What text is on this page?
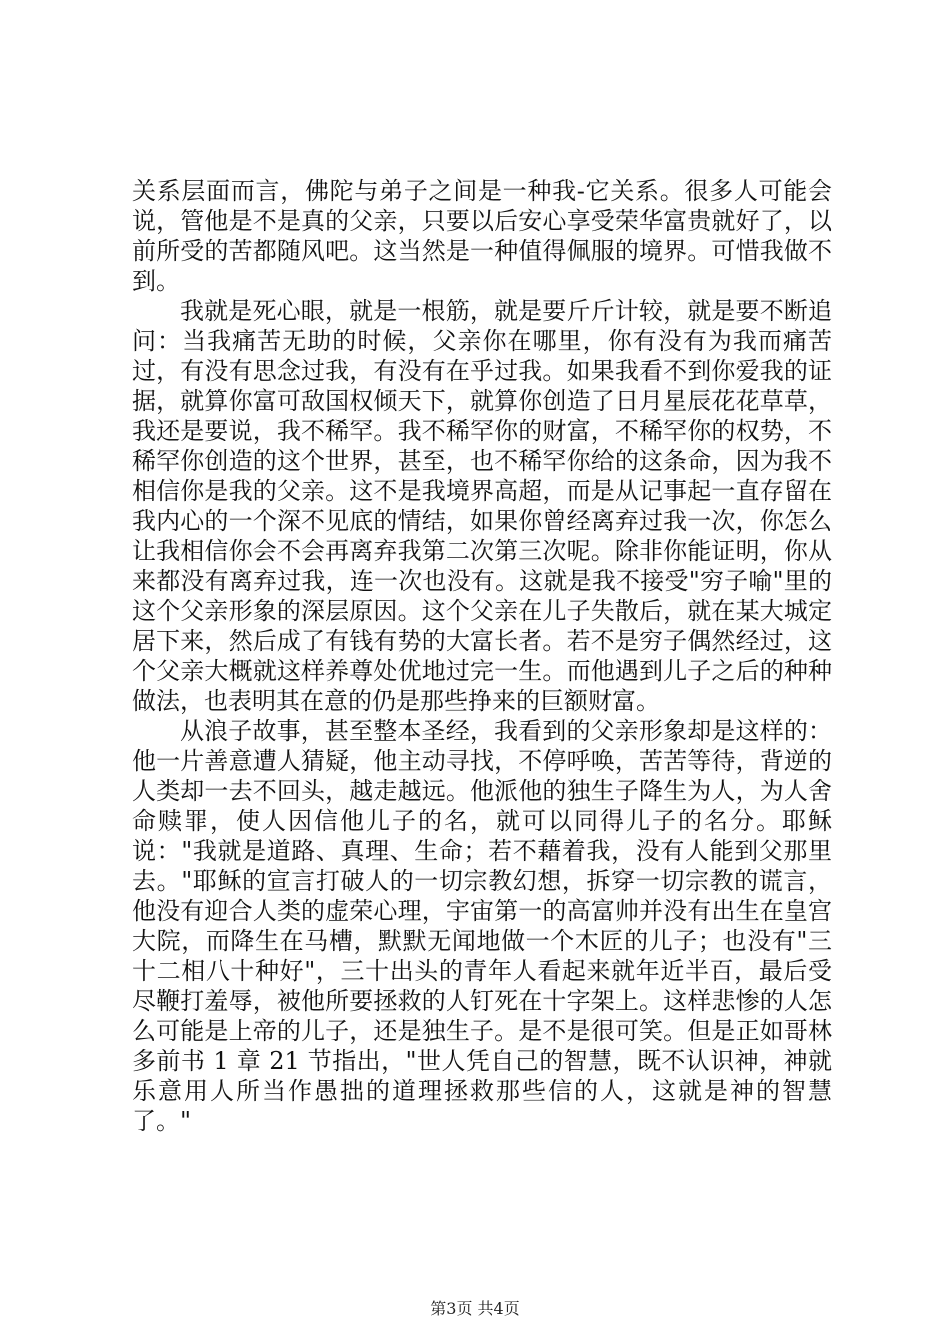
关系层面而言，佛陀与弟子之间是一种我-它关系。很多人可能会说，管他是不是真的父亲，只要以后安心享受荣华富贵就好了，以前所受的苦都随风吧。这当然是一种值得佩服的境界。可惜我做不到。

我就是死心眼，就是一根筋，就是要斤斤计较，就是要不断追问：当我痛苦无助的时候，父亲你在哪里，你有没有为我而痛苦过，有没有思念过我，有没有在乎过我。如果我看不到你爱我的证据，就算你富可敌国权倾天下，就算你创造了日月星辰花花草草，我还是要说，我不稀罕。我不稀罕你的财富，不稀罕你的权势，不稀罕你创造的这个世界，甚至，也不稀罕你给的这条命，因为我不相信你是我的父亲。这不是我境界高超，而是从记事起一直存留在我内心的一个深不见底的情结，如果你曾经离弃过我一次，你怎么让我相信你会不会再离弃我第二次第三次呢。除非你能证明，你从来都没有离弃过我，连一次也没有。这就是我不接受"穷子喻"里的这个父亲形象的深层原因。这个父亲在儿子失散后，就在某大城定居下来，然后成了有钱有势的大富长者。若不是穷子偶然经过，这个父亲大概就这样养尊处优地过完一生。而他遇到儿子之后的种种做法，也表明其在意的仍是那些挣来的巨额财富。

从浪子故事，甚至整本圣经，我看到的父亲形象却是这样的：他一片善意遭人猜疑，他主动寻找，不停呼唤，苦苦等待，背逆的人类却一去不回头，越走越远。他派他的独生子降生为人，为人舍命赎罪，使人因信他儿子的名，就可以同得儿子的名分。耶稣说："我就是道路、真理、生命；若不藉着我，没有人能到父那里去。"耶稣的宣言打破人的一切宗教幻想，拆穿一切宗教的谎言，他没有迎合人类的虚荣心理，宇宙第一的高富帅并没有出生在皇宫大院，而降生在马槽，默默无闻地做一个木匠的儿子；也没有"三十二相八十种好"，三十出头的青年人看起来就年近半百，最后受尽鞭打羞辱，被他所要拯救的人钉死在十字架上。这样悲惨的人怎么可能是上帝的儿子，还是独生子。是不是很可笑。但是正如哥林多前书 1 章 21 节指出，"世人凭自己的智慧，既不认识神，神就乐意用人所当作愚拙的道理拯救那些信的人，这就是神的智慧了。"

第3页 共4页
